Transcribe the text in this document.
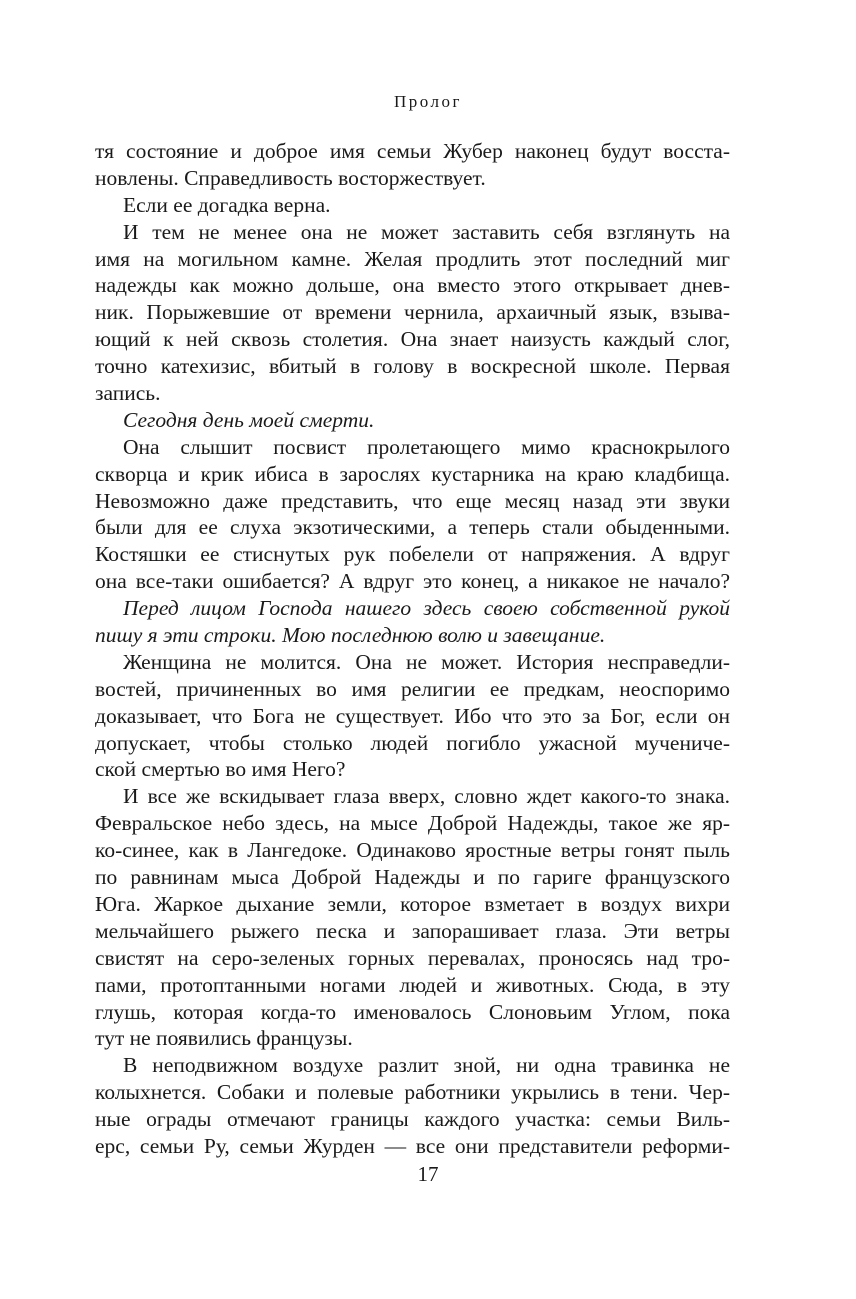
Пролог
тя состояние и доброе имя семьи Жубер наконец будут восста-
новлены. Справедливость восторжествует.
Если ее догадка верна.
И тем не менее она не может заставить себя взглянуть на
имя на могильном камне. Желая продлить этот последний миг
надежды как можно дольше, она вместо этого открывает днев-
ник. Порыжевшие от времени чернила, архаичный язык, взыва-
ющий к ней сквозь столетия. Она знает наизусть каждый слог,
точно катехизис, вбитый в голову в воскресной школе. Первая
запись.
Сегодня день моей смерти.
Она слышит посвист пролетающего мимо краснокрылого
скворца и крик ибиса в зарослях кустарника на краю кладбища.
Невозможно даже представить, что еще месяц назад эти звуки
были для ее слуха экзотическими, а теперь стали обыденными.
Костяшки ее стиснутых рук побелели от напряжения. А вдруг
она все-таки ошибается? А вдруг это конец, а никакое не начало?
Перед лицом Господа нашего здесь своею собственной рукой
пишу я эти строки. Мою последнюю волю и завещание.
Женщина не молится. Она не может. История несправедли-
востей, причиненных во имя религии ее предкам, неоспоримо
доказывает, что Бога не существует. Ибо что это за Бог, если он
допускает, чтобы столько людей погибло ужасной мучениче-
ской смертью во имя Него?
И все же вскидывает глаза вверх, словно ждет какого-то знака.
Февральское небо здесь, на мысе Доброй Надежды, такое же яр-
ко-синее, как в Лангедоке. Одинаково яростные ветры гонят пыль
по равнинам мыса Доброй Надежды и по гариге французского
Юга. Жаркое дыхание земли, которое взметает в воздух вихри
мельчайшего рыжего песка и запорашивает глаза. Эти ветры
свистят на серо-зеленых горных перевалах, проносясь над тро-
пами, протоптанными ногами людей и животных. Сюда, в эту
глушь, которая когда-то именовалось Слоновьим Углом, пока
тут не появились французы.
В неподвижном воздухе разлит зной, ни одна травинка не
колыхнется. Собаки и полевые работники укрылись в тени. Чер-
ные ограды отмечают границы каждого участка: семьи Виль-
ерс, семьи Ру, семьи Журден — все они представители реформи-
17
